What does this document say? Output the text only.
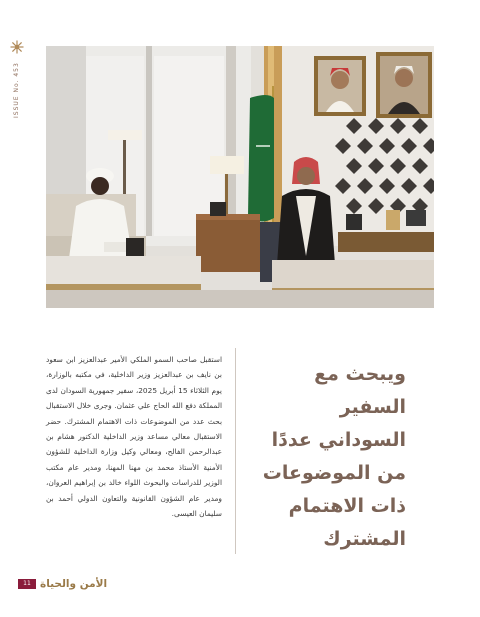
ISSUE No. 453
ويبحث مع السفير السوداني عددًا من الموضوعات ذات الاهتمام المشترك
استقبل صاحب السمو الملكي الأمير عبدالعزيز ابن سعود بن نايف بن عبدالعزيز وزير الداخلية، في مكتبه بالوزارة، يوم الثلاثاء 15 أبريل 2025، سفير جمهورية السودان لدى المملكة دفع الله الحاج علي عثمان. وجرى خلال الاستقبال بحث عدد من الموضوعات ذات الاهتمام المشترك. حضر الاستقبال معالي مساعد وزير الداخلية الدكتور هشام بن عبدالرحمن الفالح، ومعالي وكيل وزارة الداخلية للشؤون الأمنية الأستاذ محمد بن مهنا المهنا، ومدير عام مكتب الوزير للدراسات والبحوث اللواء خالد بن إبراهيم العروان، ومدير عام الشؤون القانونية والتعاون الدولي أحمد بن سليمان العيسى.
11 الأمن والحياة
